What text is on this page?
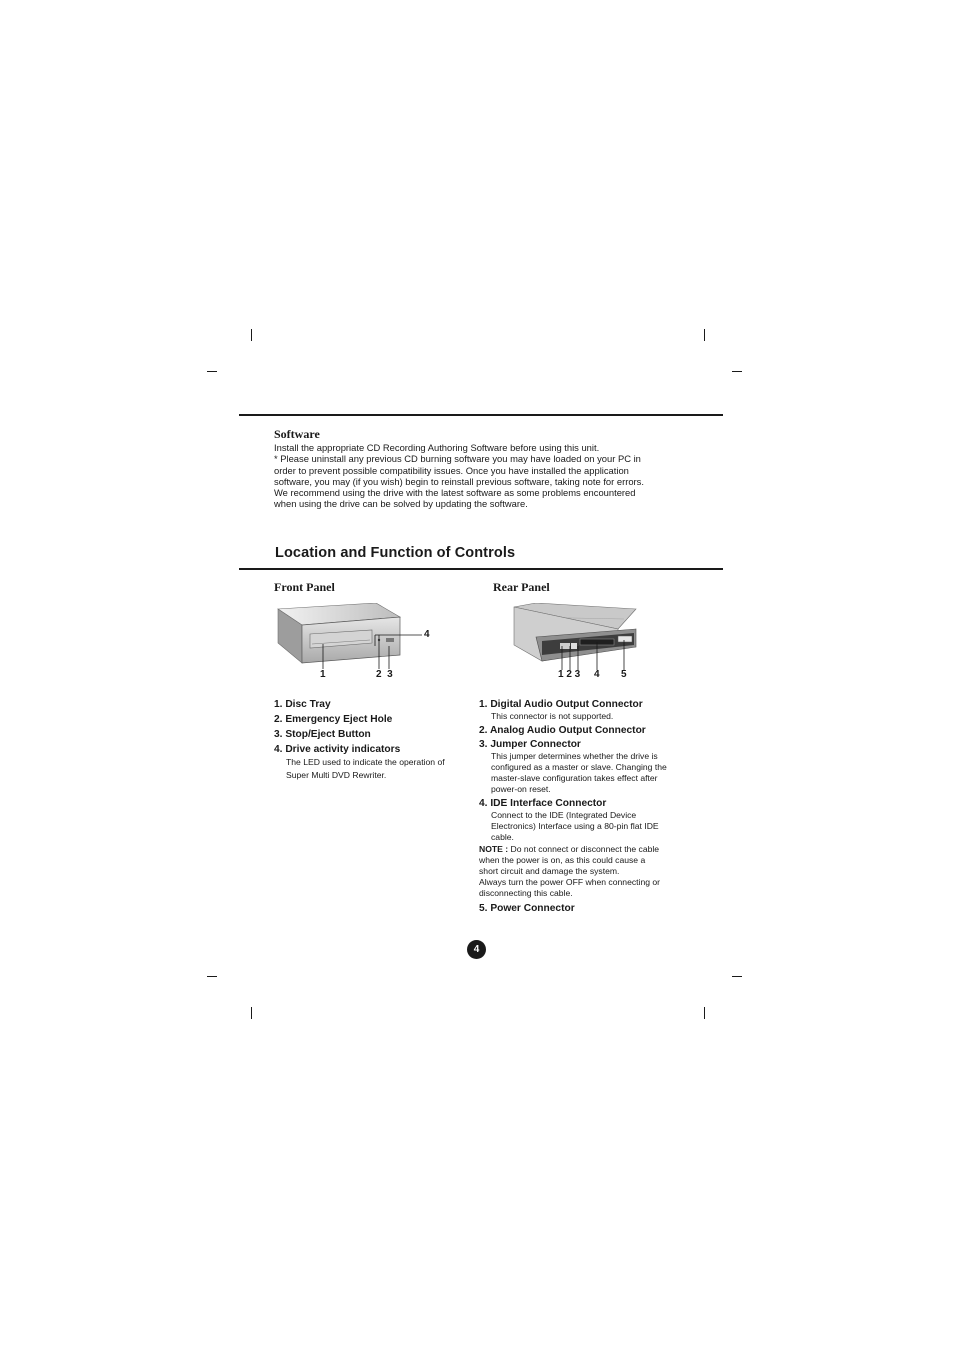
Software
Install the appropriate CD Recording Authoring Software before using this unit.
* Please uninstall any previous CD burning software you may have loaded on your PC in
order to prevent possible compatibility issues. Once you have installed the application
software, you may (if you wish) begin to reinstall previous software, taking note for errors.
We recommend using the drive with the latest software as some problems encountered
when using the drive can be solved by updating the software.
Location and Function of Controls
Front Panel
4
1	2  3
1. Disc Tray
2. Emergency Eject Hole
3. Stop/Eject Button
4. Drive activity indicators
The LED used to indicate the operation of
Super Multi DVD Rewriter.
Rear Panel
1 2 3 4 5
1. Digital Audio Output Connector
This connector is not supported.
2. Analog Audio Output Connector
3. Jumper Connector
This jumper determines whether the drive is
configured as a master or slave. Changing the
master-slave configuration takes effect after
power-on reset.
4. IDE Interface Connector
Connect to the IDE (Integrated Device
Electronics) Interface using a 80-pin flat IDE
cable.
NOTE : Do not connect or disconnect the cable
when the power is on, as this could cause a
short circuit and damage the system.
Always turn the power OFF when connecting or
disconnecting this cable.
5. Power Connector
4
